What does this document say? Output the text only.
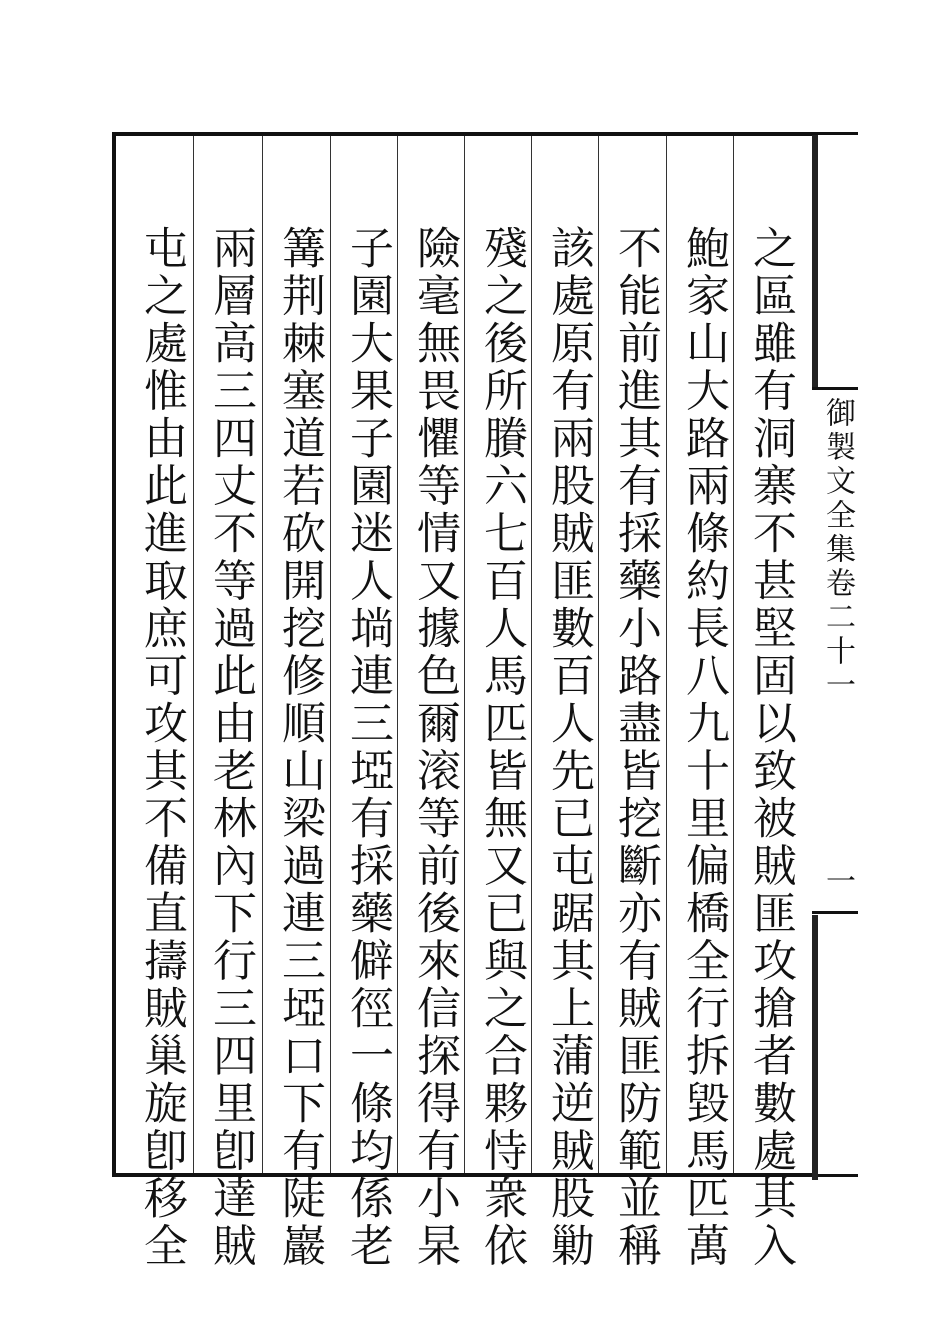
御製文全集卷二十一
一
之區雖有洞寨不甚堅固以致被賊匪攻搶者數處其入
鮑家山大路兩條約長八九十里偏橋全行拆毀馬匹萬
不能前進其有採藥小路盡皆挖斷亦有賊匪防範並稱
該處原有兩股賊匪數百人先已屯踞其上蒲逆賊股勦
殘之後所賸六七百人馬匹皆無又已與之合夥恃衆依
險毫無畏懼等情又據色爾滚等前後來信探得有小杲
子園大果子園迷人埫連三埡有採藥僻徑一條均係老
篝荆棘塞道若砍開挖修順山梁過連三埡口下有陡巖
兩層高三四丈不等過此由老林內下行三四里卽達賊
屯之處惟由此進取庶可攻其不備直擣賊巢旋卽移全
